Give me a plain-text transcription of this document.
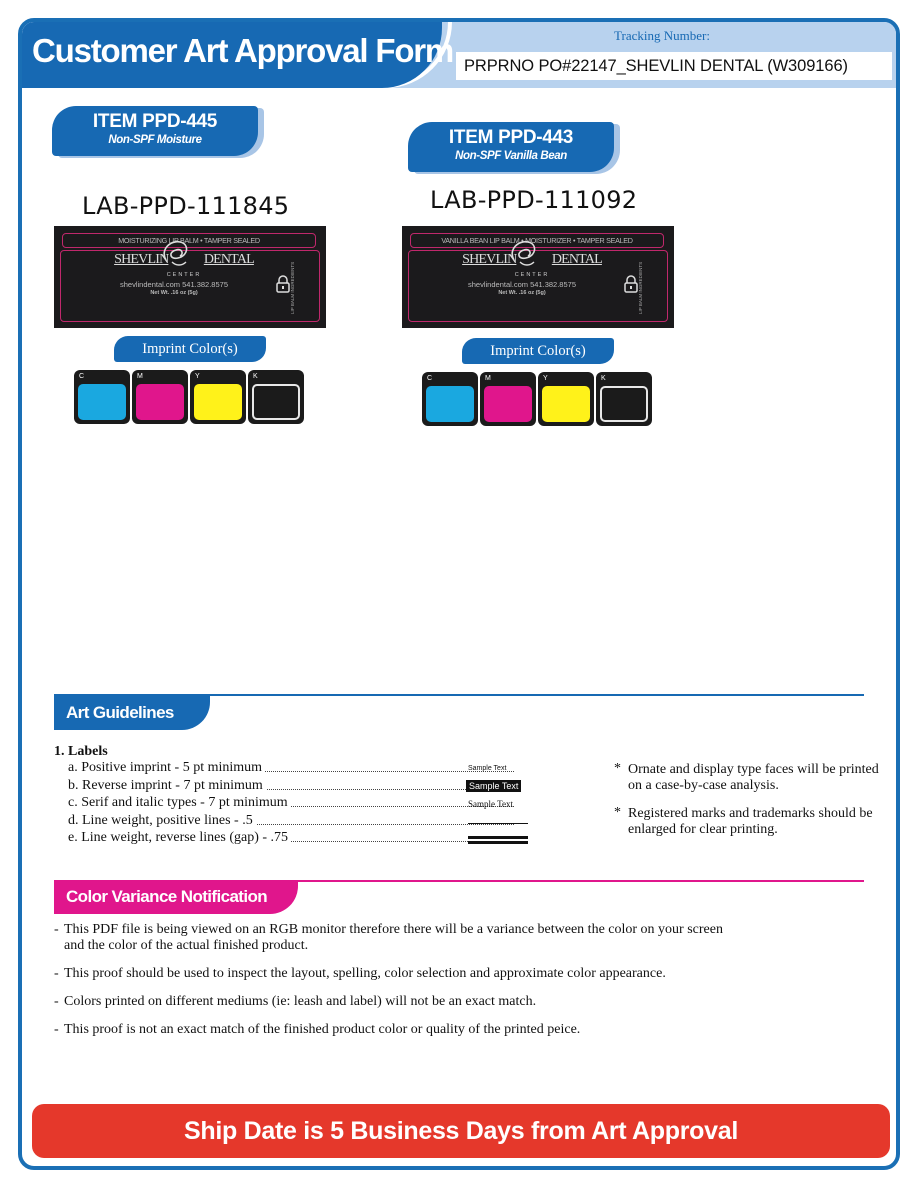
Customer Art Approval Form	Tracking Number:
PRPRNO PO#22147_SHEVLIN DENTAL (W309166)
ITEM PPD-445
Non-SPF Moisture
LAB-PPD-111845
MOISTURIZING LIP BALM • TAMPER SEALED
SHEVLIN	DENTAL
CENTER
shevlindental.com 541.382.8575
Net Wt. .16 oz (5g)	LIP BALM INGREDIENTS
Imprint Color(s)
C	M	Y	K
ITEM PPD-443
Non-SPF Vanilla Bean
LAB-PPD-111092
VANILLA BEAN LIP BALM • MOISTURIZER • TAMPER SEALED
SHEVLIN	DENTAL
CENTER
shevlindental.com 541.382.8575
Net Wt. .16 oz (5g)	LIP BALM INGREDIENTS
Imprint Color(s)
C	M	Y	K
Art Guidelines
1. Labels
a. Positive imprint - 5 pt minimum	Sample Text
b. Reverse imprint - 7 pt minimum	Sample Text
c. Serif and italic types - 7 pt minimum	Sample Text
d. Line weight, positive lines - .5
e. Line weight, reverse lines (gap) - .75
* Ornate and display type faces will be printed on a case-by-case analysis.
* Registered marks and trademarks should be enlarged for clear printing.
Color Variance Notification

- This PDF file is being viewed on an RGB monitor therefore there will be a variance between the color on your screen and the color of the actual finished product.

- This proof should be used to inspect the layout, spelling, color selection and approximate color appearance.

- Colors printed on different mediums (ie: leash and label) will not be an exact match.

- This proof is not an exact match of the finished product color or quality of the printed peice.

Ship Date is 5 Business Days from Art Approval
